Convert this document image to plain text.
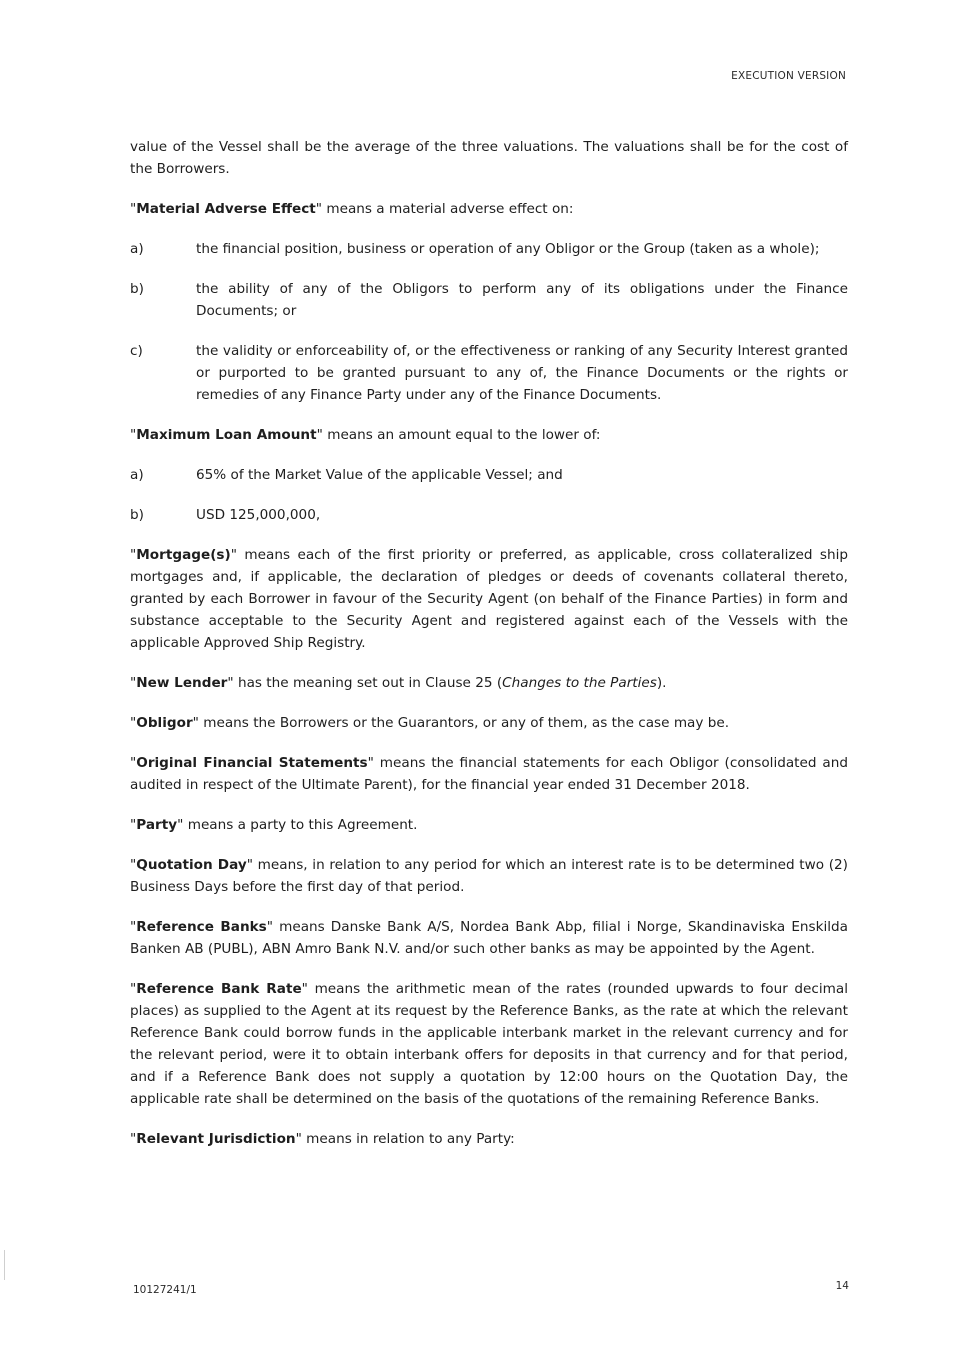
EXECUTION VERSION

value of the Vessel shall be the average of the three valuations. The valuations shall be for the cost of the Borrowers.

"Material Adverse Effect" means a material adverse effect on:

a)	the financial position, business or operation of any Obligor or the Group (taken as a whole);
b)	the ability of any of the Obligors to perform any of its obligations under the Finance Documents; or
c)	the validity or enforceability of, or the effectiveness or ranking of any Security Interest granted or purported to be granted pursuant to any of, the Finance Documents or the rights or remedies of any Finance Party under any of the Finance Documents.

"Maximum Loan Amount" means an amount equal to the lower of:

a)	65% of the Market Value of the applicable Vessel; and
b)	USD 125,000,000,

"Mortgage(s)" means each of the first priority or preferred, as applicable, cross collateralized ship mortgages and, if applicable, the declaration of pledges or deeds of covenants collateral thereto, granted by each Borrower in favour of the Security Agent (on behalf of the Finance Parties) in form and substance acceptable to the Security Agent and registered against each of the Vessels with the applicable Approved Ship Registry.

"New Lender" has the meaning set out in Clause 25 (Changes to the Parties).

"Obligor" means the Borrowers or the Guarantors, or any of them, as the case may be.

"Original Financial Statements" means the financial statements for each Obligor (consolidated and audited in respect of the Ultimate Parent), for the financial year ended 31 December 2018.

"Party" means a party to this Agreement.

"Quotation Day" means, in relation to any period for which an interest rate is to be determined two (2) Business Days before the first day of that period.

"Reference Banks" means Danske Bank A/S, Nordea Bank Abp, filial i Norge, Skandinaviska Enskilda Banken AB (PUBL), ABN Amro Bank N.V. and/or such other banks as may be appointed by the Agent.

"Reference Bank Rate" means the arithmetic mean of the rates (rounded upwards to four decimal places) as supplied to the Agent at its request by the Reference Banks, as the rate at which the relevant Reference Bank could borrow funds in the applicable interbank market in the relevant currency and for the relevant period, were it to obtain interbank offers for deposits in that currency and for that period, and if a Reference Bank does not supply a quotation by 12:00 hours on the Quotation Day, the applicable rate shall be determined on the basis of the quotations of the remaining Reference Banks.

"Relevant Jurisdiction" means in relation to any Party:

10127241/1	14
